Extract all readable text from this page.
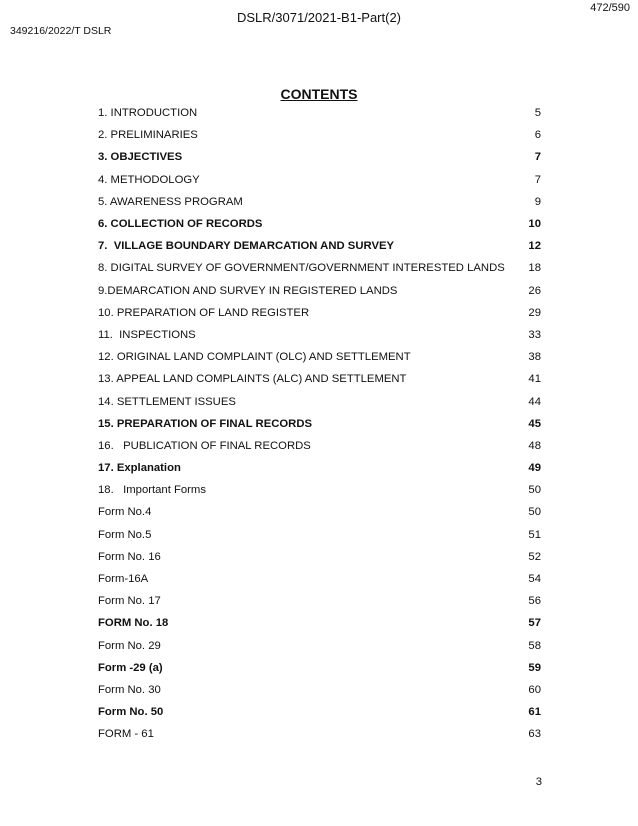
472/590
DSLR/3071/2021-B1-Part(2)
349216/2022/T DSLR
CONTENTS
1. INTRODUCTION	5
2. PRELIMINARIES	6
3. OBJECTIVES	7
4. METHODOLOGY	7
5. AWARENESS PROGRAM	9
6. COLLECTION OF RECORDS	10
7.  VILLAGE BOUNDARY DEMARCATION AND SURVEY	12
8. DIGITAL SURVEY OF GOVERNMENT/GOVERNMENT INTERESTED LANDS 18
9.DEMARCATION AND SURVEY IN REGISTERED LANDS	26
10. PREPARATION OF LAND REGISTER	29
11.  INSPECTIONS	33
12. ORIGINAL LAND COMPLAINT (OLC) AND SETTLEMENT	38
13. APPEAL LAND COMPLAINTS (ALC) AND SETTLEMENT	41
14. SETTLEMENT ISSUES	44
15. PREPARATION OF FINAL RECORDS	45
16.   PUBLICATION OF FINAL RECORDS	48
17. Explanation	49
18.   Important Forms	50
Form No.4	50
Form No.5	51
Form No. 16	52
Form-16A	54
Form No. 17	56
FORM No. 18	57
Form No. 29	58
Form -29 (a)	59
Form No. 30	60
Form No. 50	61
FORM - 61	63
3
